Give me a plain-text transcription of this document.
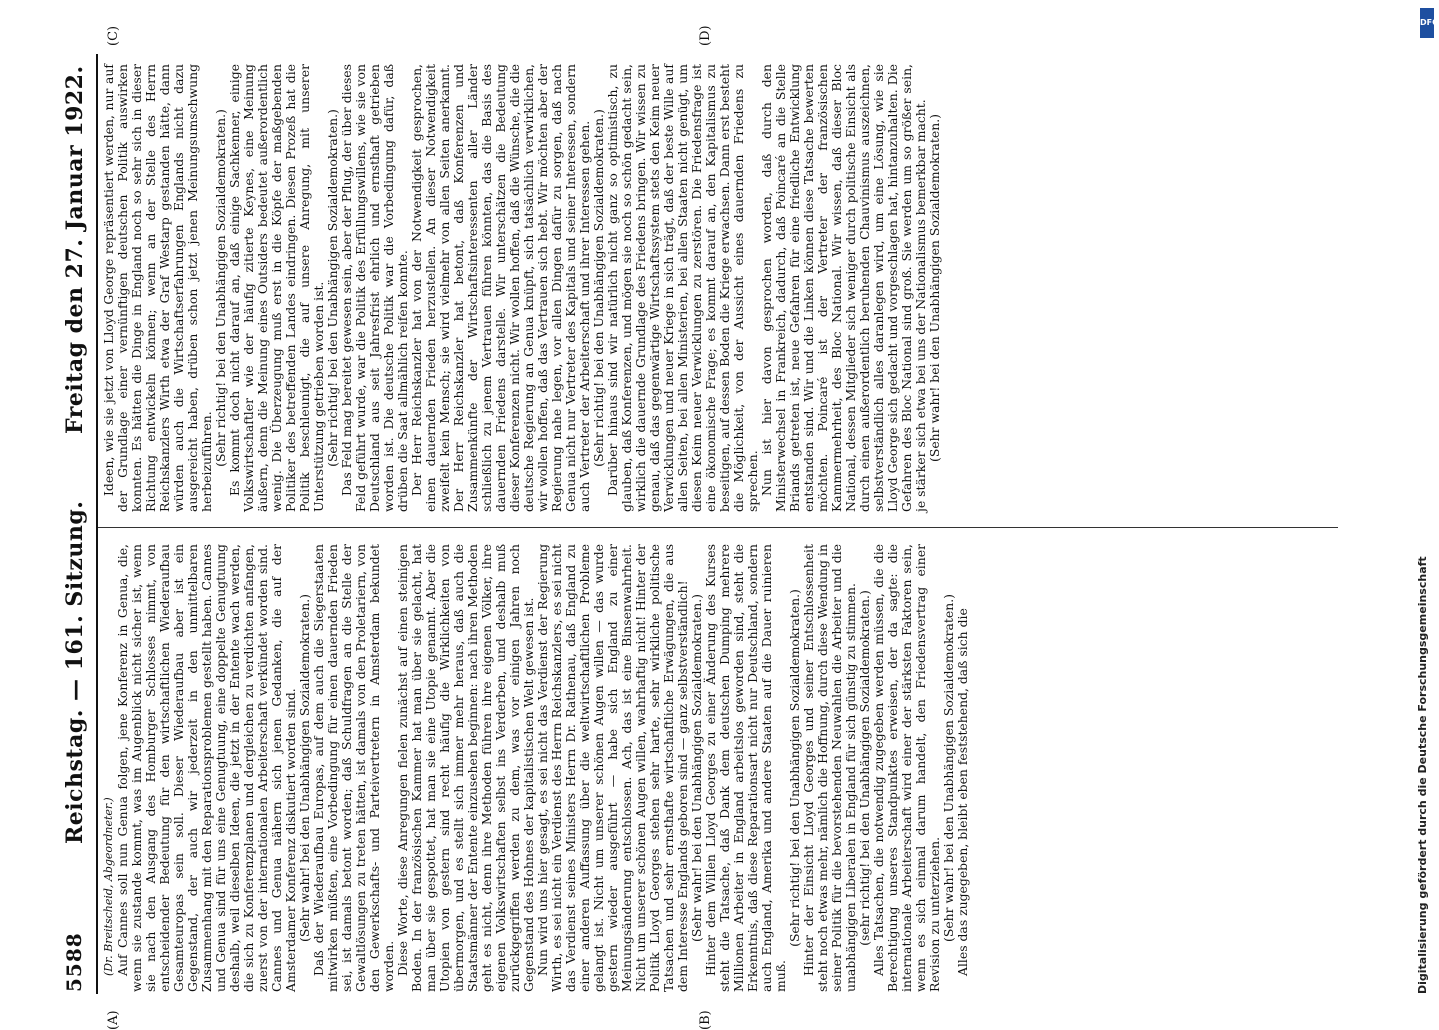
5588
Reichstag. — 161. Sitzung.
Freitag den 27. Januar 1922.
(A)	(B)
(C)	(D)

(Dr. Breitscheid, Abgeordneter.) Auf Cannes soll nun Genua folgen, jene Konferenz in Genua, die, wenn sie zustande kommt, was im Augenblick nicht sicher ist, wenn sie nach den Ausgang des Homburger Schlosses nimmt, von entscheidender Bedeutung für den wirtschaftlichen Wiederaufbau Gesamteuropas sein soll. Dieser Wiederaufbau aber ist ein Gegenstand, der auch wir jederzeit in den unmittelbaren Zusammenhang mit den Reparationsproblemen gestellt haben. Cannes und Genua sind für uns eine Genugtuung, eine doppelte Genugtuung deshalb, weil dieselben Ideen, die jetzt in der Entente wach werden, die sich zu Konferenzplanen und dergleichen zu verdichten anfangen, zuerst von der internationalen Arbeiterschaft verkündet worden sind. Cannes und Genua nähern sich jenen Gedanken, die auf der Amsterdamer Konferenz diskutiert worden sind. (Sehr wahr! bei den Unabhängigen Sozialdemokraten.) Daß der Wiederaufbau Europas, auf dem auch die Siegerstaaten mitwirken müßten, eine Vorbedingung für einen dauernden Frieden sei, ist damals betont worden; daß Schuldfragen an die Stelle der Gewaltlösungen zu treten hätten, ist damals von den Proletariern, von den Gewerkschafts- und Parteivertretern in Amsterdam bekundet worden. Diese Worte, diese Anregungen fielen zunächst auf einen steinigen Boden. In der französischen Kammer hat man über sie gelacht, hat man über sie gespottet, hat man sie eine Utopie genannt. Aber die Utopien von gestern sind recht häufig die Wirklichkeiten von übermorgen, und es stellt sich immer mehr heraus, daß auch die Staatsmänner der Entente einzusehen beginnen: nach ihren Methoden geht es nicht, denn ihre Methoden führen ihre eigenen Völker, ihre eigenen Volkswirtschaften selbst ins Verderben, und deshalb muß zurückgegriffen werden zu dem, was vor einigen Jahren noch Gegenstand des Hohnes der kapitalistischen Welt gewesen ist. Nun wird uns hier gesagt, es sei nicht das Verdienst der Regierung Wirth, es sei nicht ein Verdienst des Herrn Reichskanzlers, es sei nicht das Verdienst seines Ministers Herrn Dr. Rathenau, daß England zu einer anderen Auffassung über die weltwirtschaftlichen Probleme gelangt ist. Nicht um unserer schönen Augen willen — das wurde gestern wieder ausgeführt — habe sich England zu einer Meinungsänderung entschlossen. Ach, das ist eine Binsenwahrheit. Nicht um unserer schönen Augen willen, wahrhaftig nicht! Hinter der Politik Lloyd Georges stehen sehr harte, sehr wirkliche politische Tatsachen und sehr ernsthafte wirtschaftliche Erwägungen, die aus dem Interesse Englands geboren sind — ganz selbstverständlich! (Sehr wahr! bei den Unabhängigen Sozialdemokraten.) Hinter dem Willen Lloyd Georges zu einer Änderung des Kurses steht die Tatsache, daß Dank dem deutschen Dumping mehrere Millionen Arbeiter in England arbeitslos geworden sind, steht die Erkenntnis, daß diese Reparationsart nicht nur Deutschland, sondern auch England, Amerika und andere Staaten auf die Dauer ruinieren muß.

(Sehr richtig! bei den Unabhängigen Sozialdemokraten.) Hinter der Einsicht Lloyd Georges und seiner Entschlossenheit steht noch etwas mehr, nämlich die Hoffnung, durch diese Wendung in seiner Politik für die bevorstehenden Neuwahlen die Arbeiter und die unabhängigen Liberalen in England für sich günstig zu stimmen. (sehr richtig! bei den Unabhängigen Sozialdemokraten.) Alles Tatsachen, die notwendig zugegeben werden müssen, die die Berechtigung unseres Standpunktes erweisen, der da sagte: die internationale Arbeiterschaft wird einer der stärksten Faktoren sein, wenn es sich einmal darum handelt, den Friedensvertrag einer Revision zu unterziehen. (Sehr wahr! bei den Unabhängigen Sozialdemokraten.) Alles das zugegeben, bleibt eben feststehend, daß sich die

Ideen, wie sie jetzt von Lloyd George repräsentiert werden, nur auf der Grundlage einer vernünftigen deutschen Politik auswirken konnten. Es hätten die Dinge in England noch so sehr sich in dieser Richtung entwickeln können; wenn an der Stelle des Herrn Reichskanzlers Wirth etwa der Graf Westarp gestanden hätte, dann würden auch die Wirtschaftserfahrungen Englands nicht dazu ausgereicht haben, drüben schon jetzt jenen Meinungsumschwung herbeizuführen. (Sehr richtig! bei den Unabhängigen Sozialdemokraten.) Es kommt doch nicht darauf an, daß einige Sachkenner, einige Volkswirtschaftler wie der häufig zitierte Keynes, eine Meinung äußern, denn die Meinung eines Outsiders bedeutet außerordentlich wenig. Die Überzeugung muß erst in die Köpfe der maßgebenden Politiker des betreffenden Landes eindringen. Diesen Prozeß hat die Politik beschleunigt, die auf unsere Anregung, mit unserer Unterstützung getrieben worden ist. (Sehr richtig! bei den Unabhängigen Sozialdemokraten.) Das Feld mag bereitet gewesen sein, aber der Pflug, der über dieses Feld geführt wurde, war die Politik des Erfüllungswillens, wie sie von Deutschland aus seit Jahresfrist ehrlich und ernsthaft getrieben worden ist. Die deutsche Politik war die Vorbedingung dafür, daß drüben die Saat allmählich reifen konnte. Der Herr Reichskanzler hat von der Notwendigkeit gesprochen, einen dauernden Frieden herzustellen. An dieser Notwendigkeit zweifelt kein Mensch; sie wird vielmehr von allen Seiten anerkannt. Der Herr Reichskanzler hat betont, daß Konferenzen und Zusammenkünfte der Wirtschaftsinteressenten aller Länder schließlich zu jenem Vertrauen führen könnten, das die Basis des dauernden Friedens darstelle. Wir unterschätzen die Bedeutung dieser Konferenzen nicht. Wir wollen hoffen, daß die Wünsche, die die deutsche Regierung an Genua knüpft, sich tatsächlich verwirklichen, wir wollen hoffen, daß das Vertrauen sich hebt. Wir möchten aber der Regierung nahe legen, vor allen Dingen dafür zu sorgen, daß nach Genua nicht nur Vertreter des Kapitals und seiner Interessen, sondern auch Vertreter der Arbeiterschaft und ihrer Interessen gehen. (Sehr richtig! bei den Unabhängigen Sozialdemokraten.) Darüber hinaus sind wir natürlich nicht ganz so optimistisch, zu glauben, daß Konferenzen, und mögen sie noch so schön gedacht sein, wirklich die dauernde Grundlage des Friedens bringen. Wir wissen zu genau, daß das gegenwärtige Wirtschaftssystem stets den Keim neuer Verwicklungen und neuer Kriege in sich trägt, daß der beste Wille auf allen Seiten, bei allen Ministerien, bei allen Staaten nicht genügt, um diesen Keim neuer Verwicklungen zu zerstören. Die Friedensfrage ist eine ökonomische Frage; es kommt darauf an, den Kapitalismus zu beseitigen, auf dessen Boden die Kriege erwachsen. Dann erst besteht die Möglichkeit, von der Aussicht eines dauernden Friedens zu sprechen. Nun ist hier davon gesprochen worden, daß durch den Ministerwechsel in Frankreich, dadurch, daß Poincaré an die Stelle Briands getreten ist, neue Gefahren für eine friedliche Entwicklung entstanden sind. Wir und die Linken können diese Tatsache bewerten möchten. Poincaré ist der Vertreter der französischen Kammermehrheit, des Bloc National. Wir wissen, daß dieser Bloc National, dessen Mitglieder sich weniger durch politische Einsicht als durch einen außerordentlich beruhenden Chauvinismus auszeichnen, selbstverständlich alles daranlegen wird, um eine Lösung, wie sie Lloyd George sich gedacht und vorgeschlagen hat, hintanzuhalten. Die Gefahren des Bloc National sind groß. Sie werden um so größer sein, je stärker sich etwa bei uns der Nationalismus bemerkbar macht. (Sehr wahr! bei den Unabhängigen Sozialdemokraten.)

Digitalisierung gefördert durch die Deutsche Forschungsgemeinschaft
DFG
